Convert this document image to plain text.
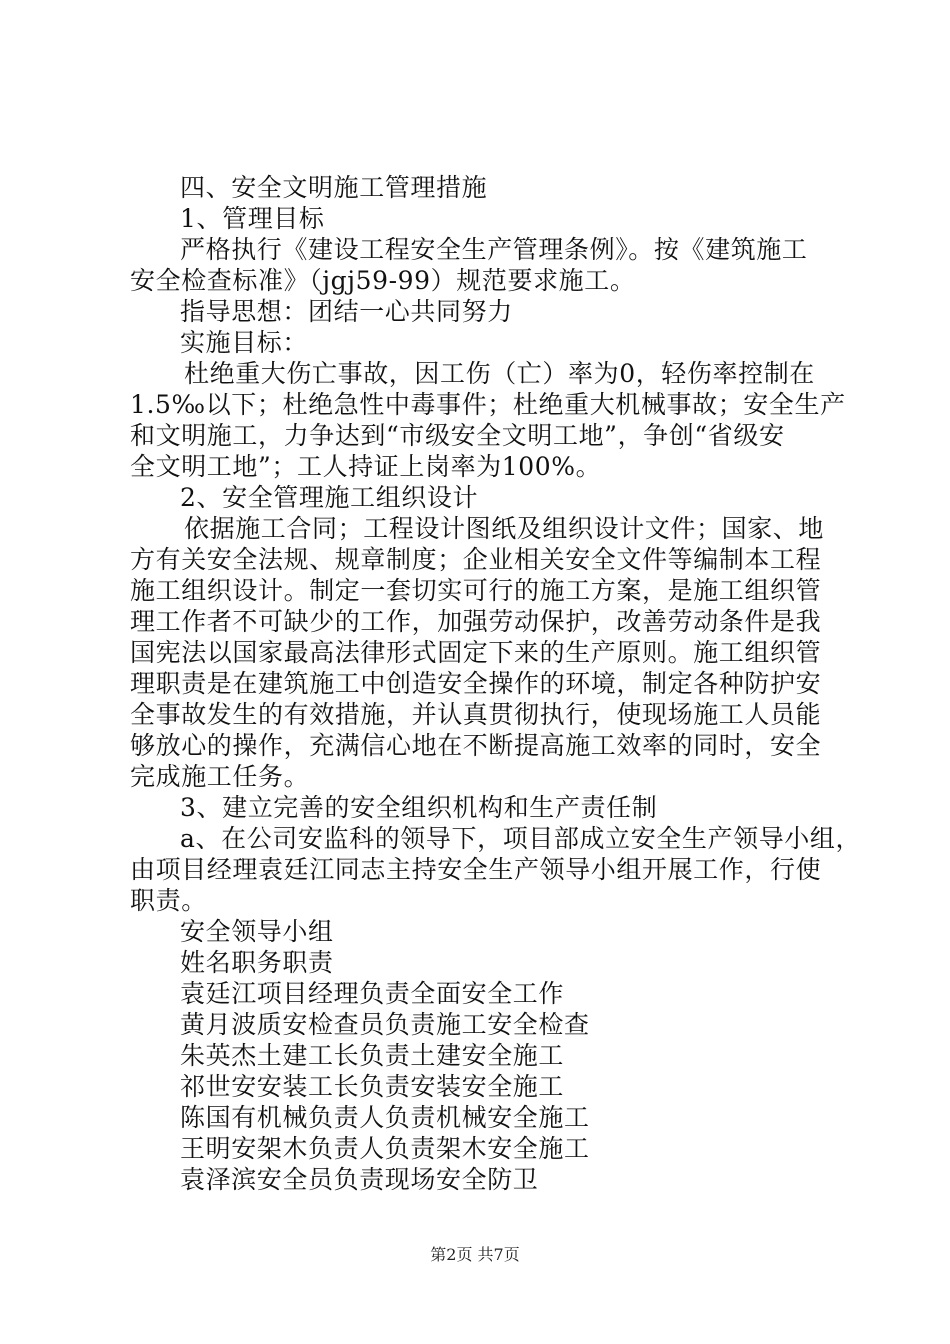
四、安全文明施工管理措施
1、管理目标
严格执行《建设工程安全生产管理条例》。按《建筑施工
安全检查标准》（jgj59-99）规范要求施工。
指导思想：团结一心共同努力
实施目标：
杜绝重大伤亡事故，因工伤（亡）率为0，轻伤率控制在
1.5‰以下；杜绝急性中毒事件；杜绝重大机械事故；安全生产
和文明施工，力争达到“市级安全文明工地”，争创“省级安
全文明工地”；工人持证上岗率为100%。
2、安全管理施工组织设计
依据施工合同；工程设计图纸及组织设计文件；国家、地
方有关安全法规、规章制度；企业相关安全文件等编制本工程
施工组织设计。制定一套切实可行的施工方案，是施工组织管
理工作者不可缺少的工作，加强劳动保护，改善劳动条件是我
国宪法以国家最高法律形式固定下来的生产原则。施工组织管
理职责是在建筑施工中创造安全操作的环境，制定各种防护安
全事故发生的有效措施，并认真贯彻执行，使现场施工人员能
够放心的操作，充满信心地在不断提高施工效率的同时，安全
完成施工任务。
3、建立完善的安全组织机构和生产责任制
a、在公司安监科的领导下，项目部成立安全生产领导小组，
由项目经理袁廷江同志主持安全生产领导小组开展工作，行使
职责。
安全领导小组
姓名职务职责
袁廷江项目经理负责全面安全工作
黄月波质安检查员负责施工安全检查
朱英杰土建工长负责土建安全施工
祁世安安装工长负责安装安全施工
陈国有机械负责人负责机械安全施工
王明安架木负责人负责架木安全施工
袁泽滨安全员负责现场安全防卫
第2页 共7页
